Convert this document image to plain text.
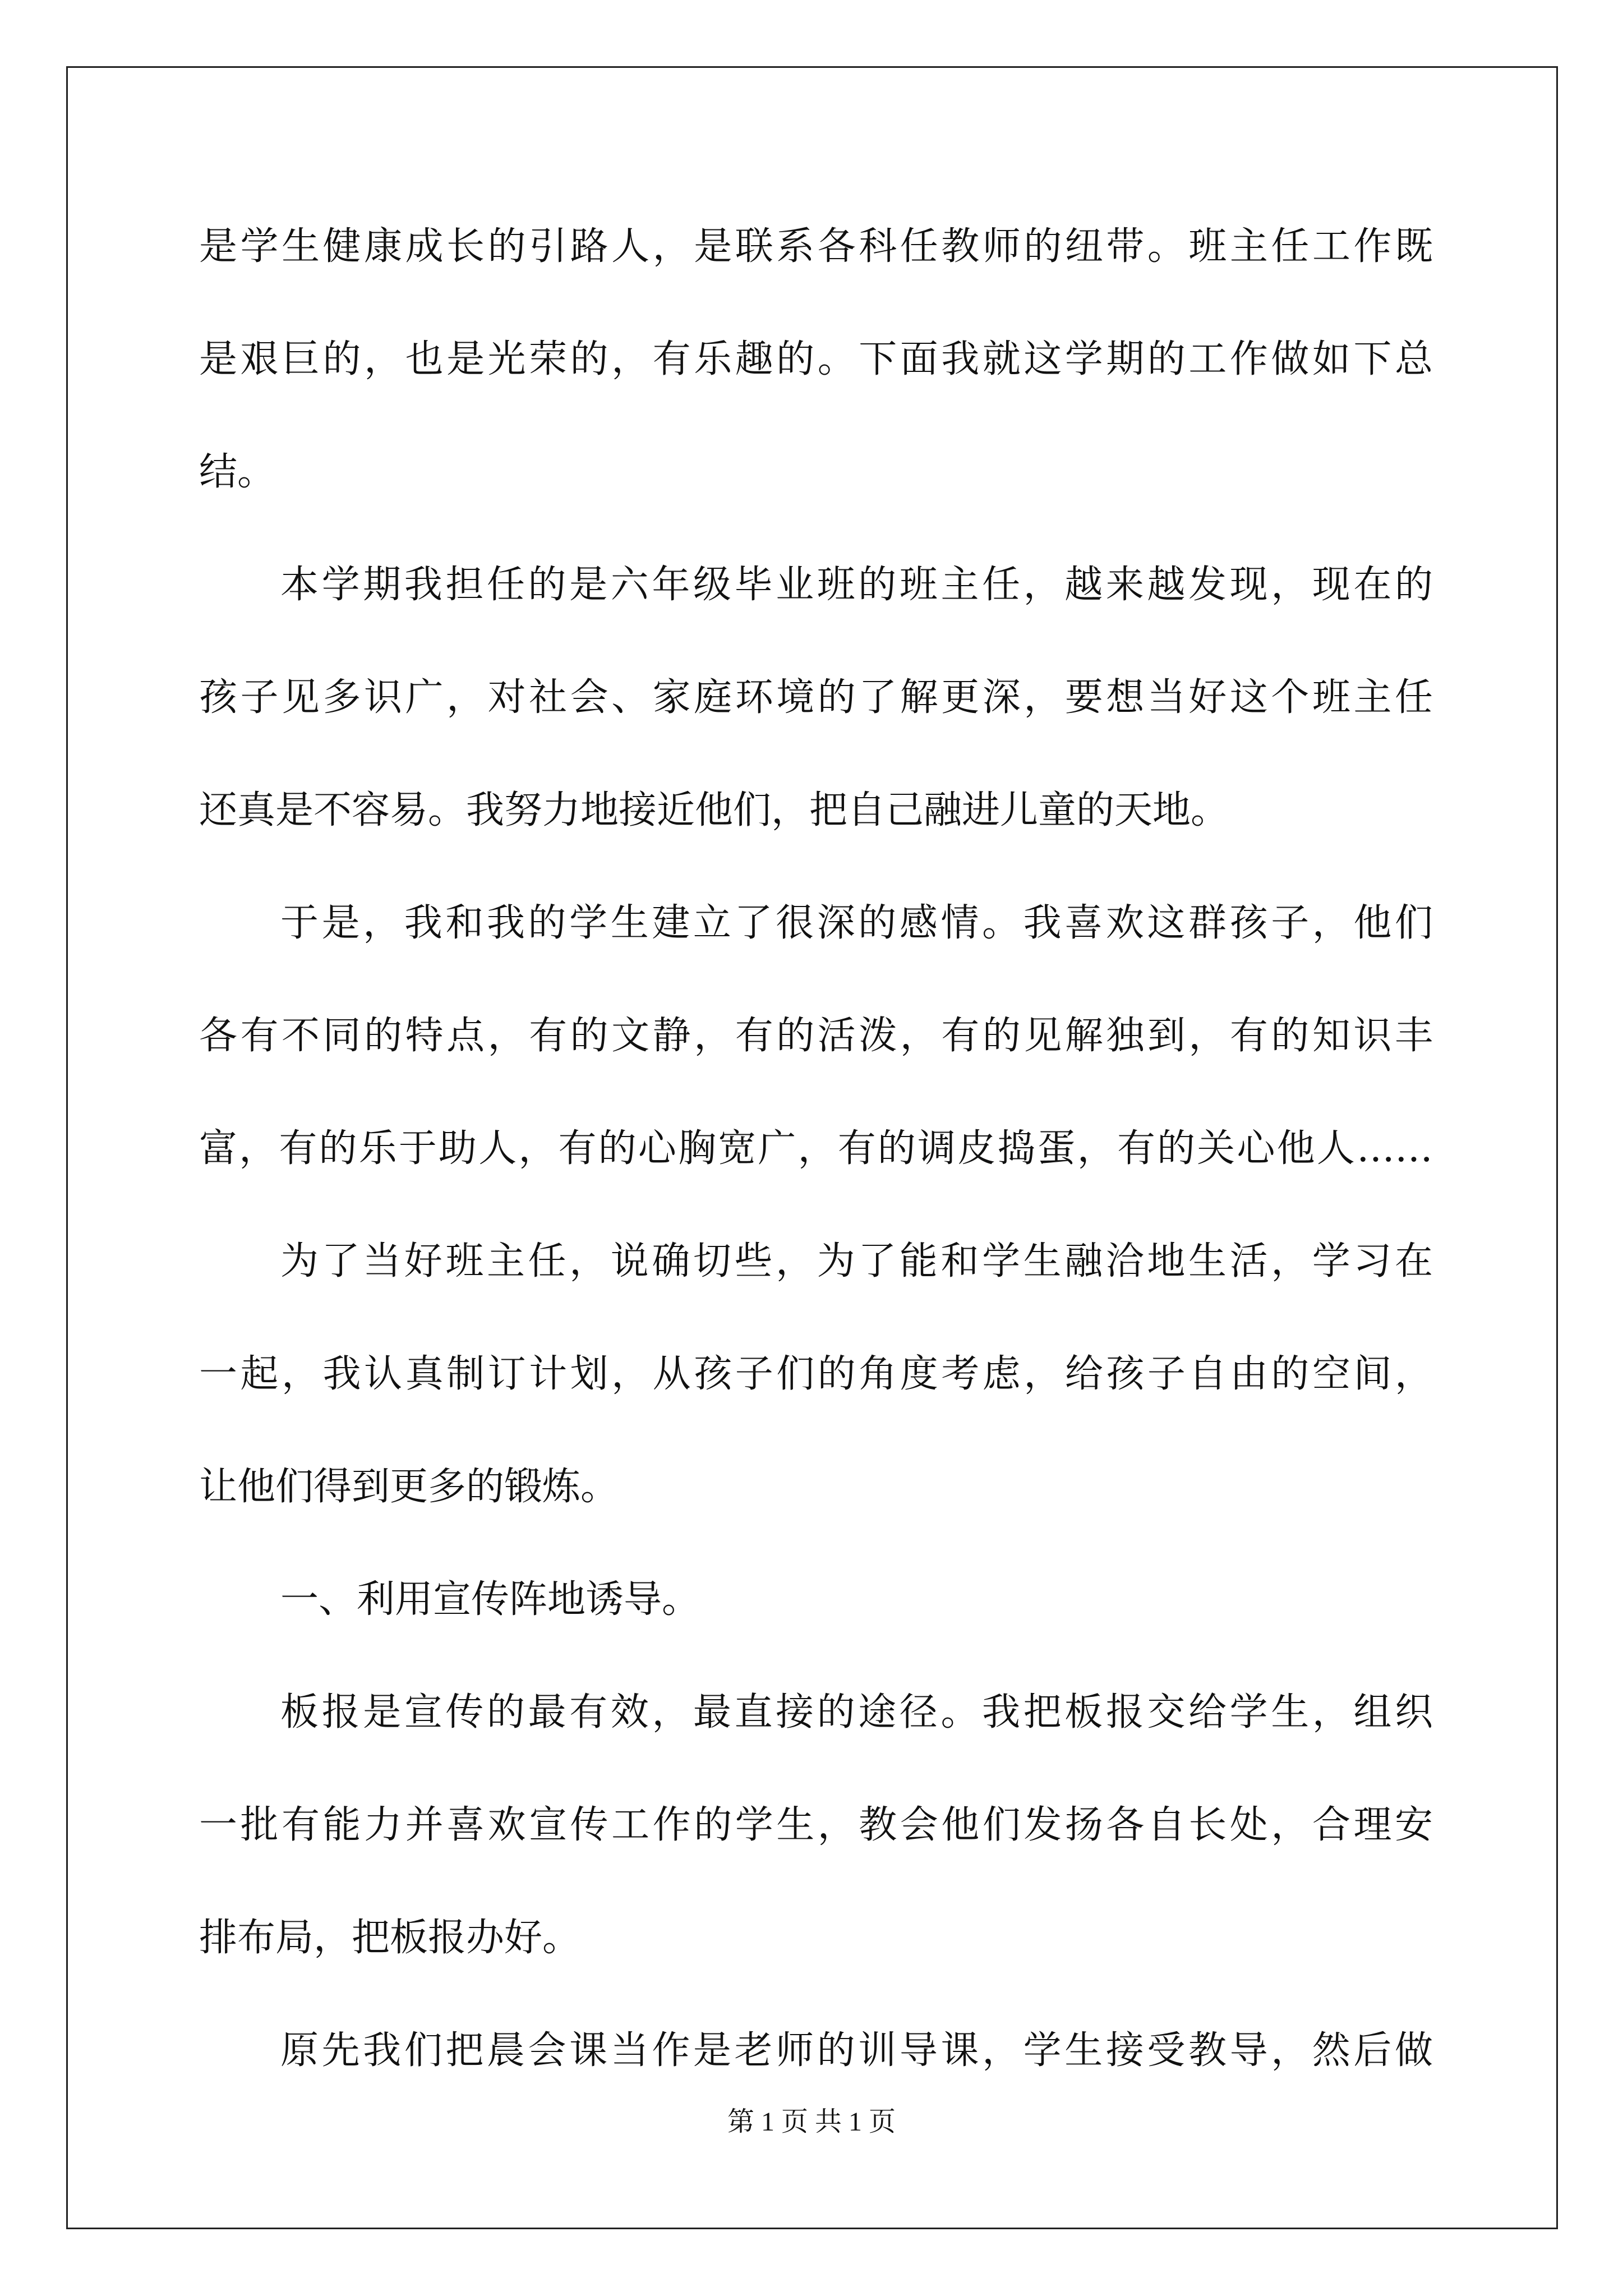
是学生健康成长的引路人，是联系各科任教师的纽带。班主任工作既
是艰巨的，也是光荣的，有乐趣的。下面我就这学期的工作做如下总
结。
本学期我担任的是六年级毕业班的班主任，越来越发现，现在的
孩子见多识广，对社会、家庭环境的了解更深，要想当好这个班主任
还真是不容易。我努力地接近他们，把自己融进儿童的天地。
于是，我和我的学生建立了很深的感情。我喜欢这群孩子，他们
各有不同的特点，有的文静，有的活泼，有的见解独到，有的知识丰
富，有的乐于助人，有的心胸宽广，有的调皮捣蛋，有的关心他人……
为了当好班主任，说确切些，为了能和学生融洽地生活，学习在
一起，我认真制订计划，从孩子们的角度考虑，给孩子自由的空间，
让他们得到更多的锻炼。
一、利用宣传阵地诱导。
板报是宣传的最有效，最直接的途径。我把板报交给学生，组织
一批有能力并喜欢宣传工作的学生，教会他们发扬各自长处，合理安
排布局，把板报办好。
原先我们把晨会课当作是老师的训导课，学生接受教导，然后做
第 1 页 共 1 页
